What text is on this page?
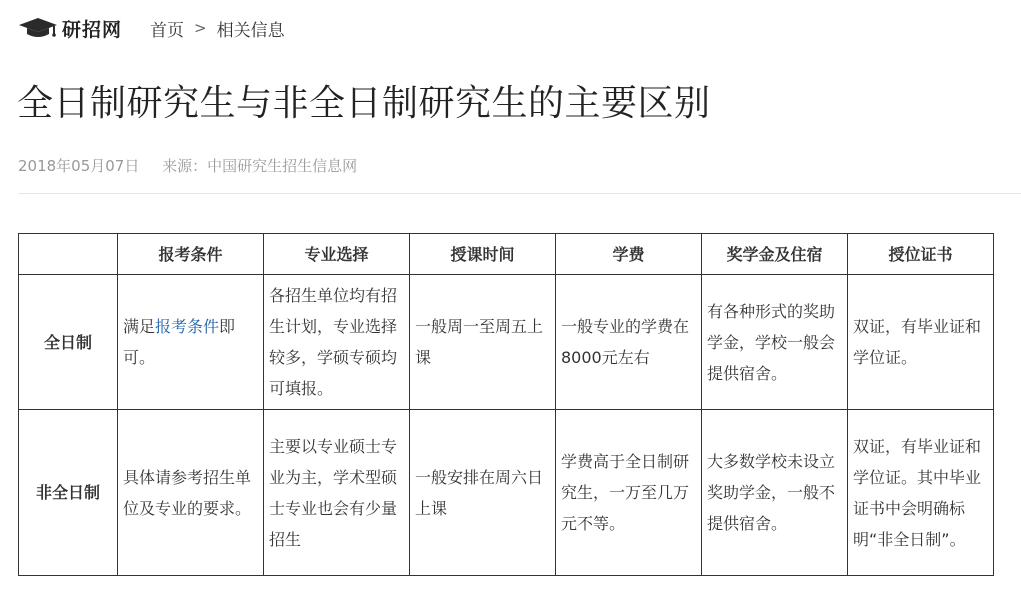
研招网 首页 > 相关信息
全日制研究生与非全日制研究生的主要区别
2018年05月07日 来源：中国研究生招生信息网
	报考条件	专业选择	授课时间	学费	奖学金及住宿	授位证书
全日制	满足报考条件即可。	各招生单位均有招生计划，专业选择较多，学硕专硕均可填报。	一般周一至周五上课	一般专业的学费在8000元左右	有各种形式的奖助学金，学校一般会提供宿舍。	双证，有毕业证和学位证。
非全日制	具体请参考招生单位及专业的要求。	主要以专业硕士专业为主，学术型硕士专业也会有少量招生	一般安排在周六日上课	学费高于全日制研究生，一万至几万元不等。	大多数学校未设立奖助学金，一般不提供宿舍。	双证，有毕业证和学位证。其中毕业证书中会明确标明“非全日制”。
